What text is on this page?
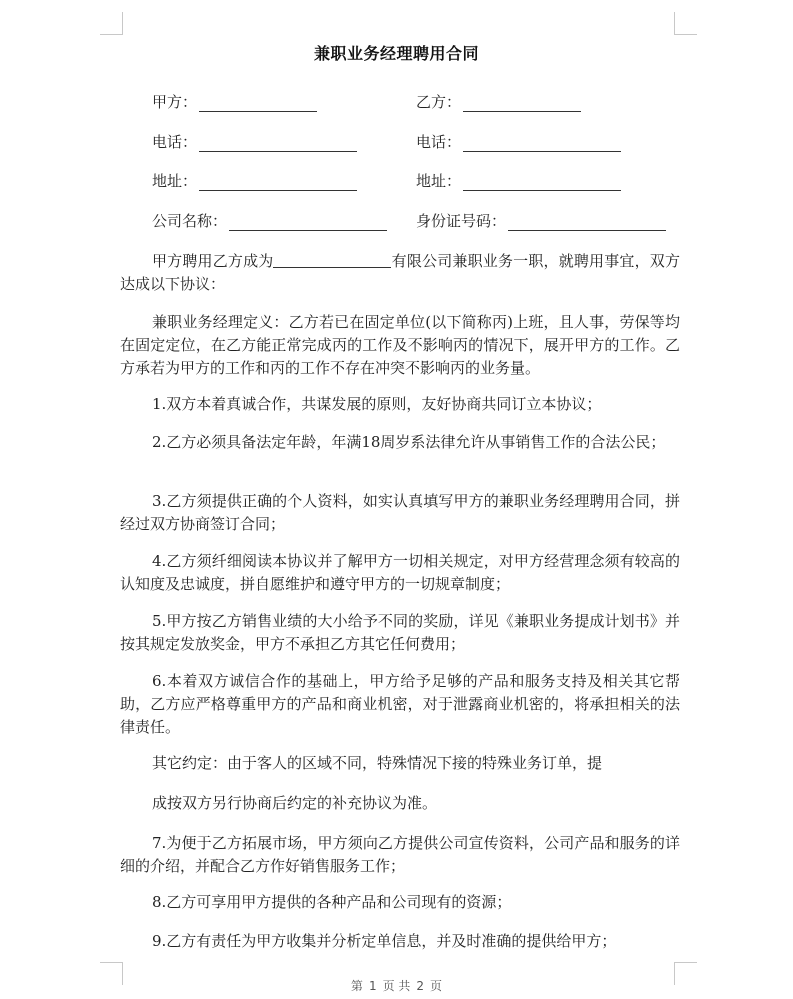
兼职业务经理聘用合同
甲方：	乙方：
电话：	电话：
地址：	地址：
公司名称：	身份证号码：
甲方聘用乙方成为	有限公司兼职业务一职，就聘用事宜，双方达成以下协议：
兼职业务经理定义：乙方若已在固定单位(以下简称丙)上班，且人事，劳保等均在固定定位，在乙方能正常完成丙的工作及不影响丙的情况下，展开甲方的工作。乙方承若为甲方的工作和丙的工作不存在冲突不影响丙的业务量。
1.双方本着真诚合作，共谋发展的原则，友好协商共同订立本协议；
2.乙方必须具备法定年龄，年满18周岁系法律允许从事销售工作的合法公民；
3.乙方须提供正确的个人资料，如实认真填写甲方的兼职业务经理聘用合同，拼经过双方协商签订合同；
4.乙方须纤细阅读本协议并了解甲方一切相关规定，对甲方经营理念须有较高的认知度及忠诚度，拼自愿维护和遵守甲方的一切规章制度；
5.甲方按乙方销售业绩的大小给予不同的奖励，详见《兼职业务提成计划书》并按其规定发放奖金，甲方不承担乙方其它任何费用；
6.本着双方诚信合作的基础上，甲方给予足够的产品和服务支持及相关其它帮助，乙方应严格尊重甲方的产品和商业机密，对于泄露商业机密的，将承担相关的法律责任。
其它约定：由于客人的区域不同，特殊情况下接的特殊业务订单，提
成按双方另行协商后约定的补充协议为准。
7.为便于乙方拓展市场，甲方须向乙方提供公司宣传资料，公司产品和服务的详细的介绍，并配合乙方作好销售服务工作；
8.乙方可享用甲方提供的各种产品和公司现有的资源；
9.乙方有责任为甲方收集并分析定单信息，并及时准确的提供给甲方；
第 1 页 共 2 页
